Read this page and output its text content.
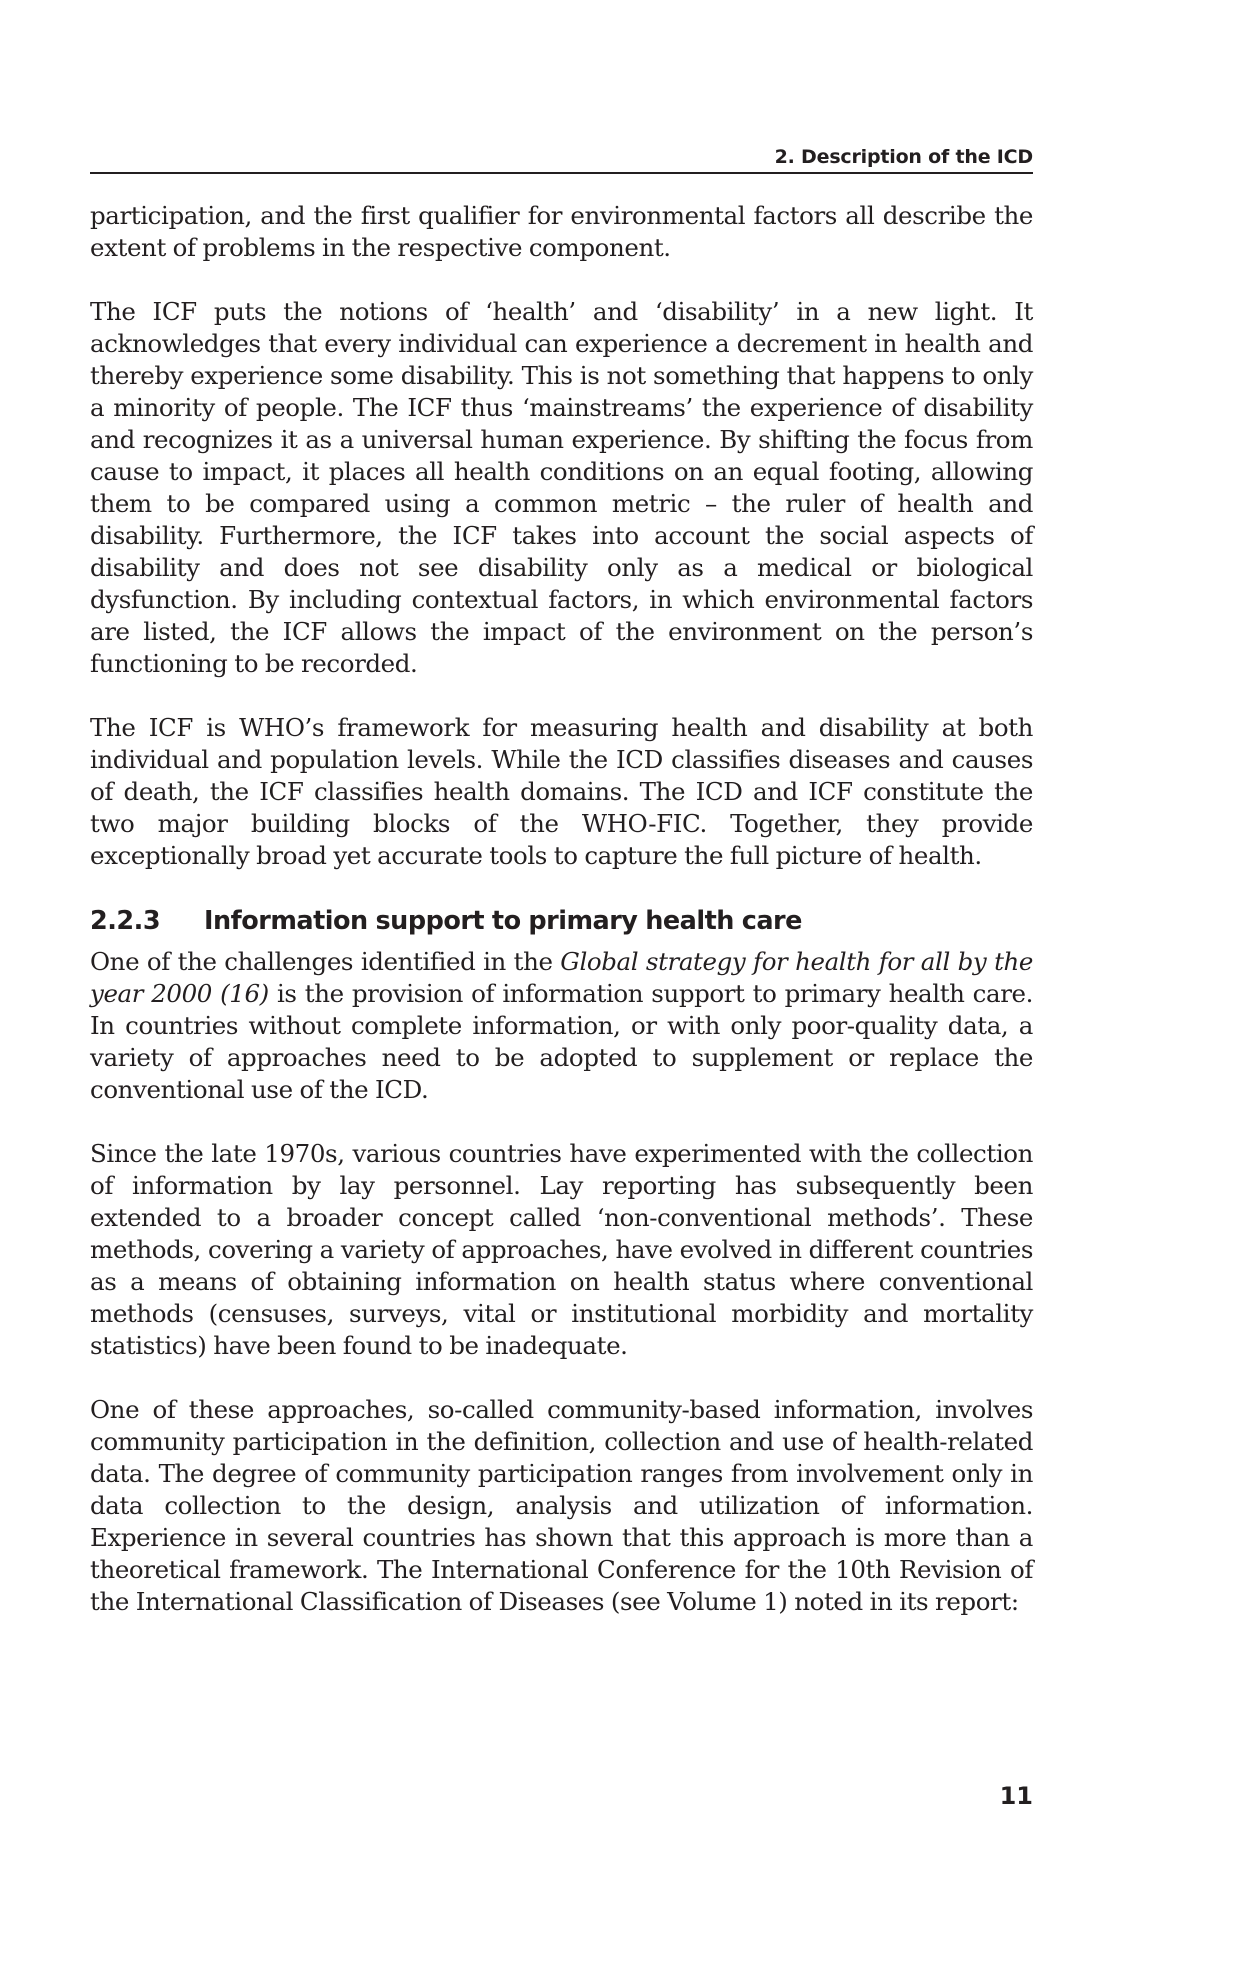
2. Description of the ICD

participation, and the first qualifier for environmental factors all describe the extent of problems in the respective component.

The ICF puts the notions of ‘health’ and ‘disability’ in a new light. It acknowledges that every individual can experience a decrement in health and thereby experience some disability. This is not something that happens to only a minority of people. The ICF thus ‘mainstreams’ the experience of disability and recognizes it as a universal human experience. By shifting the focus from cause to impact, it places all health conditions on an equal footing, allowing them to be compared using a common metric – the ruler of health and disability. Furthermore, the ICF takes into account the social aspects of disability and does not see disability only as a medical or biological dysfunction. By including contextual factors, in which environmental factors are listed, the ICF allows the impact of the environment on the person’s functioning to be recorded.

The ICF is WHO’s framework for measuring health and disability at both individual and population levels. While the ICD classifies diseases and causes of death, the ICF classifies health domains. The ICD and ICF constitute the two major building blocks of the WHO-FIC. Together, they provide exceptionally broad yet accurate tools to capture the full picture of health.

2.2.3 Information support to primary health care

One of the challenges identified in the Global strategy for health for all by the year 2000 (16) is the provision of information support to primary health care. In countries without complete information, or with only poor-quality data, a variety of approaches need to be adopted to supplement or replace the conventional use of the ICD.

Since the late 1970s, various countries have experimented with the collection of information by lay personnel. Lay reporting has subsequently been extended to a broader concept called ‘non-conventional methods’. These methods, covering a variety of approaches, have evolved in different countries as a means of obtaining information on health status where conventional methods (censuses, surveys, vital or institutional morbidity and mortality statistics) have been found to be inadequate.

One of these approaches, so-called community-based information, involves community participation in the definition, collection and use of health-related data. The degree of community participation ranges from involvement only in data collection to the design, analysis and utilization of information. Experience in several countries has shown that this approach is more than a theoretical framework. The International Conference for the 10th Revision of the International Classification of Diseases (see Volume 1) noted in its report:

11
